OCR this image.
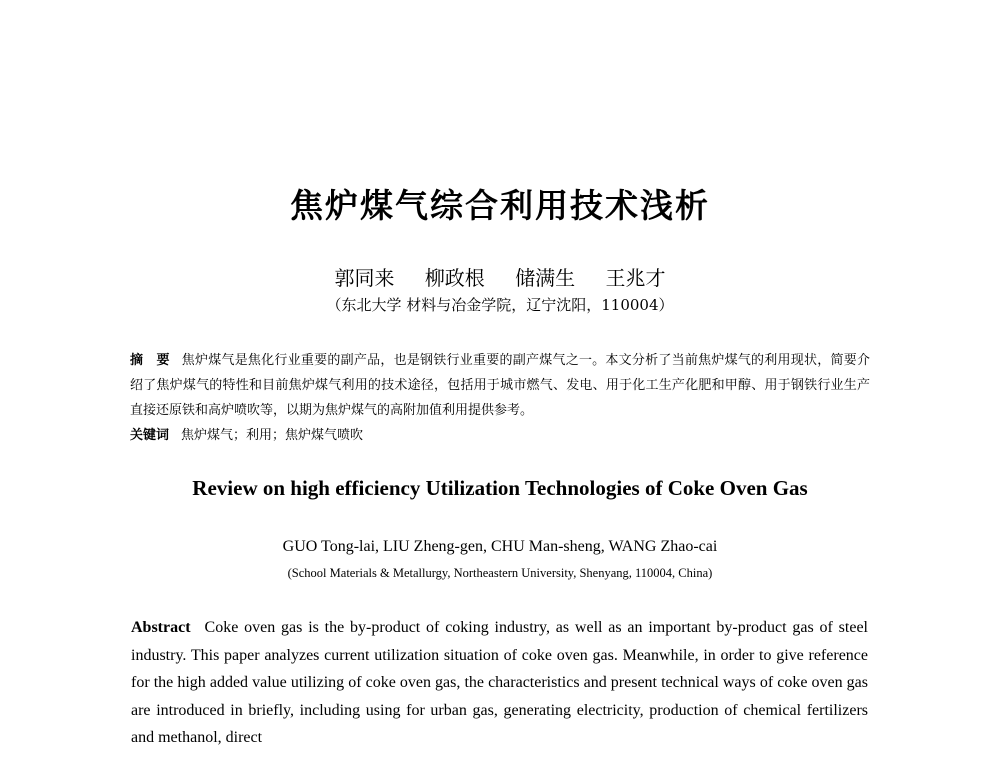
焦炉煤气综合利用技术浅析

郭同来 柳政根 储满生 王兆才

（东北大学 材料与冶金学院，辽宁沈阳，110004）

摘　要 焦炉煤气是焦化行业重要的副产品，也是钢铁行业重要的副产煤气之一。本文分析了当前焦炉煤气的利用现状，简要介绍了焦炉煤气的特性和目前焦炉煤气利用的技术途径，包括用于城市燃气、发电、用于化工生产化肥和甲醇、用于钢铁行业生产直接还原铁和高炉喷吹等，以期为焦炉煤气的高附加值利用提供参考。

关键词 焦炉煤气；利用；焦炉煤气喷吹

Review on high efficiency Utilization Technologies of Coke Oven Gas

GUO Tong-lai, LIU Zheng-gen, CHU Man-sheng, WANG Zhao-cai

(School Materials & Metallurgy, Northeastern University, Shenyang, 110004, China)

Abstract Coke oven gas is the by-product of coking industry, as well as an important by-product gas of steel industry. This paper analyzes current utilization situation of coke oven gas. Meanwhile, in order to give reference for the high added value utilizing of coke oven gas, the characteristics and present technical ways of coke oven gas are introduced in briefly, including using for urban gas, generating electricity, production of chemical fertilizers and methanol, direct
